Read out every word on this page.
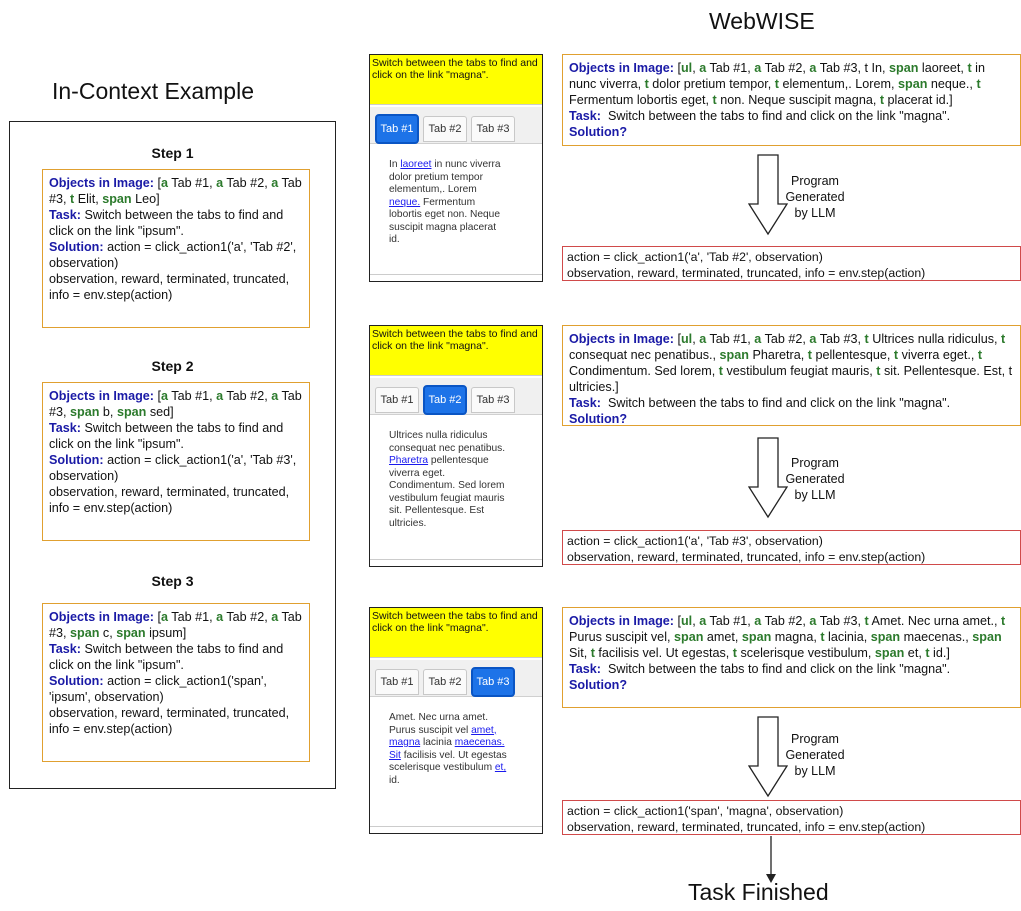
WebWISE
In-Context Example
Step 1
Objects in Image: [a Tab #1, a Tab #2, a Tab #3, t Elit, span Leo]
Task: Switch between the tabs to find and click on the link "ipsum".
Solution: action = click_action1('a', 'Tab #2', observation)
observation, reward, terminated, truncated, info = env.step(action)
Step 2
Objects in Image: [a Tab #1, a Tab #2, a Tab #3, span b, span sed]
Task: Switch between the tabs to find and click on the link "ipsum".
Solution: action = click_action1('a', 'Tab #3', observation)
observation, reward, terminated, truncated, info = env.step(action)
Step 3
Objects in Image: [a Tab #1, a Tab #2, a Tab #3, span c, span ipsum]
Task: Switch between the tabs to find and click on the link "ipsum".
Solution: action = click_action1('span', 'ipsum', observation)
observation, reward, terminated, truncated, info = env.step(action)
Switch between the tabs to find and click on the link "magna".
Tab #1	Tab #2	Tab #3
In laoreet in nunc viverra dolor pretium tempor elementum,. Lorem neque. Fermentum lobortis eget non. Neque suscipit magna placerat id.
Switch between the tabs to find and click on the link "magna".
Tab #1	Tab #2	Tab #3
Ultrices nulla ridiculus consequat nec penatibus. Pharetra pellentesque viverra eget. Condimentum. Sed lorem vestibulum feugiat mauris sit. Pellentesque. Est ultricies.
Switch between the tabs to find and click on the link "magna".
Tab #1	Tab #2	Tab #3
Amet. Nec urna amet. Purus suscipit vel amet, magna lacinia maecenas. Sit facilisis vel. Ut egestas scelerisque vestibulum et, id.
Objects in Image: [ul, a Tab #1, a Tab #2, a Tab #3, t In, span laoreet, t in nunc viverra, t dolor pretium tempor, t elementum,. Lorem, span neque., t Fermentum lobortis eget, t non. Neque suscipit magna, t placerat id.]
Task: Switch between the tabs to find and click on the link "magna".
Solution?
Objects in Image: [ul, a Tab #1, a Tab #2, a Tab #3, t Ultrices nulla ridiculus, t consequat nec penatibus., span Pharetra, t pellentesque, t viverra eget., t Condimentum. Sed lorem, t vestibulum feugiat mauris, t sit. Pellentesque. Est, t ultricies.]
Task: Switch between the tabs to find and click on the link "magna".
Solution?
Objects in Image: [ul, a Tab #1, a Tab #2, a Tab #3, t Amet. Nec urna amet., t Purus suscipit vel, span amet, span magna, t lacinia, span maecenas., span Sit, t facilisis vel. Ut egestas, t scelerisque vestibulum, span et, t id.]
Task: Switch between the tabs to find and click on the link "magna".
Solution?
Program
Generated
by LLM
Program
Generated
by LLM
Program
Generated
by LLM
action = click_action1('a', 'Tab #2', observation)
observation, reward, terminated, truncated, info = env.step(action)
action = click_action1('a', 'Tab #3', observation)
observation, reward, terminated, truncated, info = env.step(action)
action = click_action1('span', 'magna', observation)
observation, reward, terminated, truncated, info = env.step(action)
Task Finished
